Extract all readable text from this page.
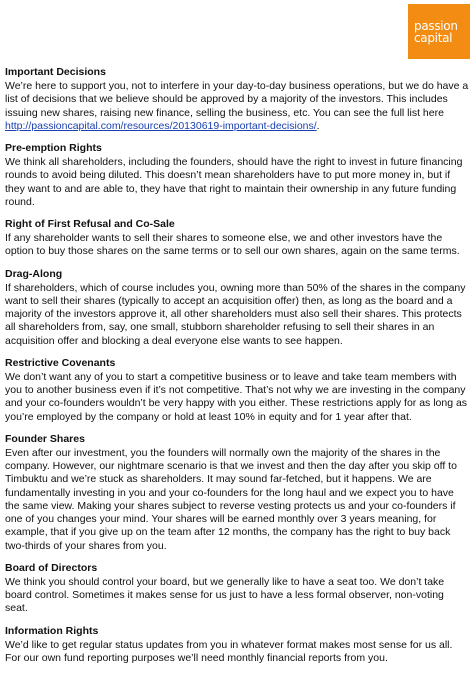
passion
capital
Important Decisions

We’re here to support you, not to interfere in your day-to-day business operations, but we do have a list of decisions that we believe should be approved by a majority of the investors. This includes issuing new shares, raising new finance, selling the business, etc. You can see the full list here http://passioncapital.com/resources/20130619-important-decisions/.

Pre-emption Rights

We think all shareholders, including the founders, should have the right to invest in future financing rounds to avoid being diluted. This doesn’t mean shareholders have to put more money in, but if they want to and are able to, they have that right to maintain their ownership in any future funding round.

Right of First Refusal and Co-Sale

If any shareholder wants to sell their shares to someone else, we and other investors have the option to buy those shares on the same terms or to sell our own shares, again on the same terms.

Drag-Along

If shareholders, which of course includes you, owning more than 50% of the shares in the company want to sell their shares (typically to accept an acquisition offer) then, as long as the board and a majority of the investors approve it, all other shareholders must also sell their shares. This protects all shareholders from, say, one small, stubborn shareholder refusing to sell their shares in an acquisition offer and blocking a deal everyone else wants to see happen.

Restrictive Covenants

We don’t want any of you to start a competitive business or to leave and take team members with you to another business even if it’s not competitive. That’s not why we are investing in the company and your co-founders wouldn’t be very happy with you either. These restrictions apply for as long as you’re employed by the company or hold at least 10% in equity and for 1 year after that.

Founder Shares

Even after our investment, you the founders will normally own the majority of the shares in the company. However, our nightmare scenario is that we invest and then the day after you skip off to Timbuktu and we’re stuck as shareholders. It may sound far-fetched, but it happens. We are fundamentally investing in you and your co-founders for the long haul and we expect you to have the same view. Making your shares subject to reverse vesting protects us and your co-founders if one of you changes your mind. Your shares will be earned monthly over 3 years meaning, for example, that if you give up on the team after 12 months, the company has the right to buy back two-thirds of your shares from you.

Board of Directors

We think you should control your board, but we generally like to have a seat too. We don’t take board control. Sometimes it makes sense for us just to have a less formal observer, non-voting seat.

Information Rights

We’d like to get regular status updates from you in whatever format makes most sense for us all. For our own fund reporting purposes we’ll need monthly financial reports from you.
